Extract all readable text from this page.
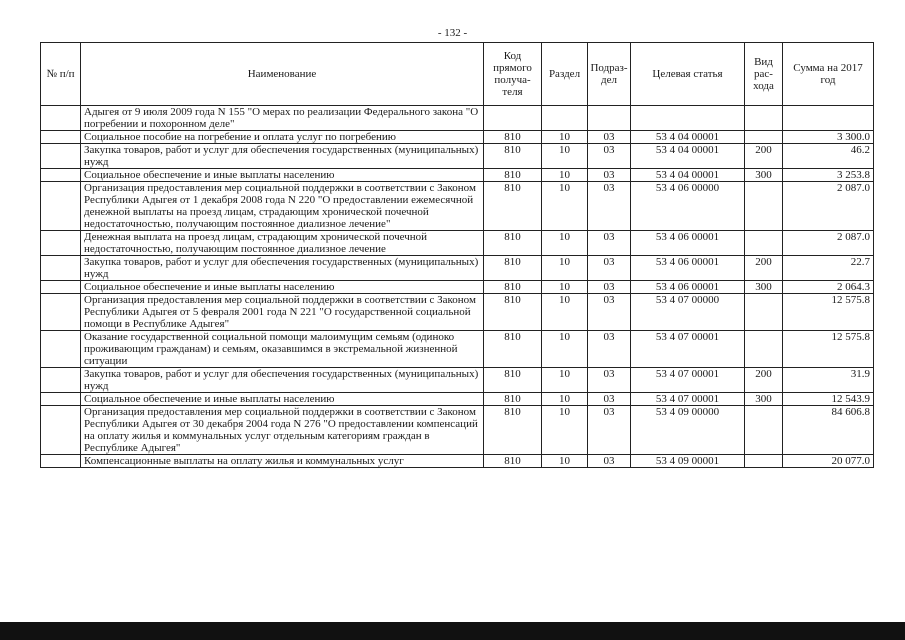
- 132 -
№ п/п	Наименование	Код прямого получа-теля	Раздел	Подраз-дел	Целевая статья	Вид рас-хода	Сумма на 2017 год
	Адыгея от 9 июля 2009 года N 155 "О мерах по реализации Федерального закона "О погребении и похоронном деле"						
	Социальное пособие на погребение и оплата услуг по погребению	810	10	03	53 4 04 00001		3 300.0
	Закупка товаров, работ и услуг для обеспечения государственных (муниципальных) нужд	810	10	03	53 4 04 00001	200	46.2
	Социальное обеспечение и иные выплаты населению	810	10	03	53 4 04 00001	300	3 253.8
	Организация предоставления мер социальной поддержки в соответствии с Законом Республики Адыгея от 1 декабря 2008 года N 220 "О предоставлении ежемесячной денежной выплаты на проезд лицам, страдающим хронической почечной недостаточностью, получающим постоянное диализное лечение"	810	10	03	53 4 06 00000		2 087.0
	Денежная выплата на проезд лицам, страдающим хронической почечной недостаточностью, получающим постоянное диализное лечение	810	10	03	53 4 06 00001		2 087.0
	Закупка товаров, работ и услуг для обеспечения государственных (муниципальных) нужд	810	10	03	53 4 06 00001	200	22.7
	Социальное обеспечение и иные выплаты населению	810	10	03	53 4 06 00001	300	2 064.3
	Организация предоставления мер социальной поддержки в соответствии с Законом Республики Адыгея от 5 февраля 2001 года N 221 "О государственной социальной помощи в Республике Адыгея"	810	10	03	53 4 07 00000		12 575.8
	Оказание государственной социальной помощи малоимущим семьям (одиноко проживающим гражданам) и семьям, оказавшимся в экстремальной жизненной ситуации	810	10	03	53 4 07 00001		12 575.8
	Закупка товаров, работ и услуг для обеспечения государственных (муниципальных) нужд	810	10	03	53 4 07 00001	200	31.9
	Социальное обеспечение и иные выплаты населению	810	10	03	53 4 07 00001	300	12 543.9
	Организация предоставления мер социальной поддержки в соответствии с Законом Республики Адыгея от 30 декабря 2004 года N 276 "О предоставлении компенсаций на оплату жилья и коммунальных услуг отдельным категориям граждан в Республике Адыгея"	810	10	03	53 4 09 00000		84 606.8
	Компенсационные выплаты на оплату жилья и коммунальных услуг	810	10	03	53 4 09 00001		20 077.0
